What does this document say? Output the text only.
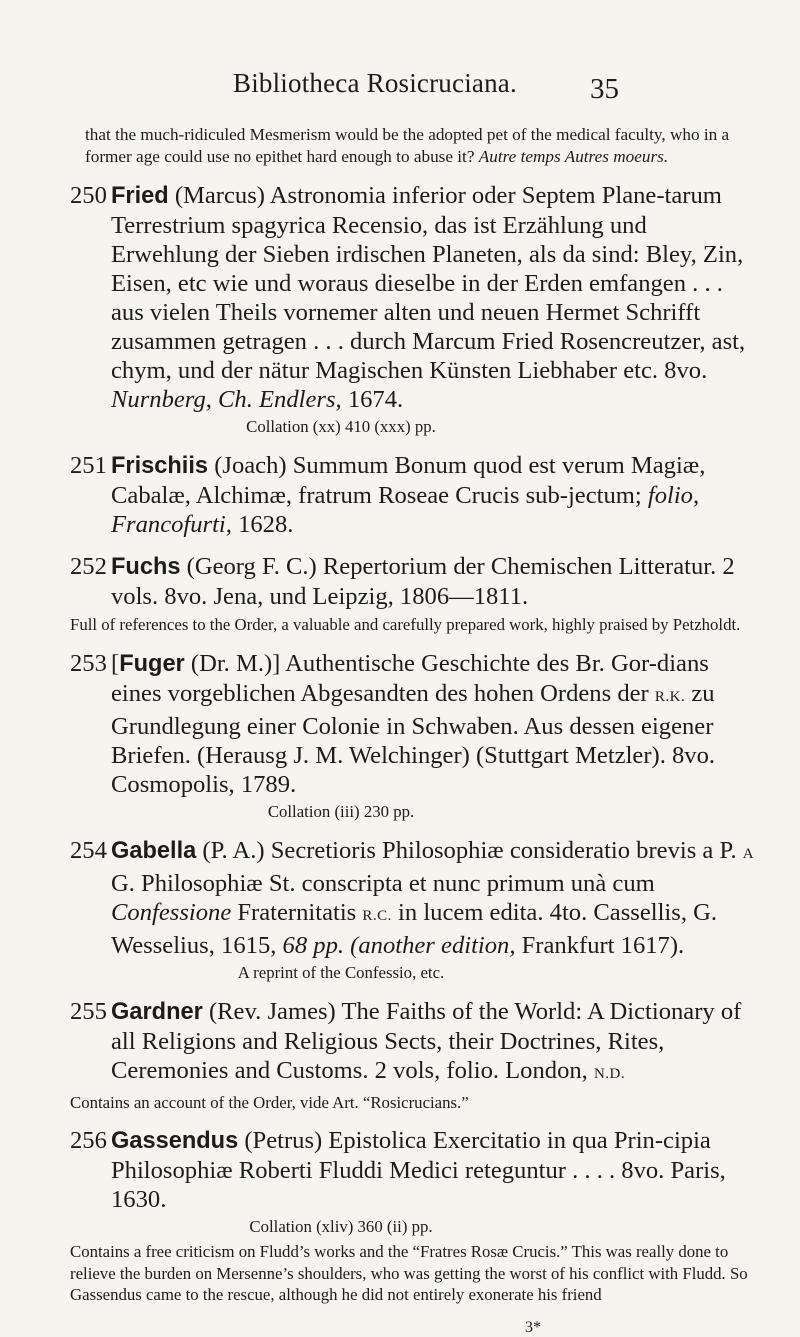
Bibliotheca Rosicruciana.	35

that the much-ridiculed Mesmerism would be the adopted pet of the medical faculty, who in a former age could use no epithet hard enough to abuse it? Autre temps Autres moeurs.

250 Fried (Marcus) Astronomia inferior oder Septem Plane-tarum Terrestrium spagyrica Recensio, das ist Erzählung und Erwehlung der Sieben irdischen Planeten, als da sind: Bley, Zin, Eisen, etc wie und woraus dieselbe in der Erden emfangen . . . aus vielen Theils vornemer alten und neuen Hermet Schrifft zusammen getragen . . . durch Marcum Fried Rosencreutzer, ast, chym, und der nätur Magischen Künsten Liebhaber etc. 8vo. Nurnberg, Ch. Endlers, 1674.
Collation (xx) 410 (xxx) pp.
251 Frischiis (Joach) Summum Bonum quod est verum Magiæ, Cabalæ, Alchimæ, fratrum Roseae Crucis sub-jectum; folio, Francofurti, 1628.
252 Fuchs (Georg F. C.) Repertorium der Chemischen Litteratur. 2 vols. 8vo. Jena, und Leipzig, 1806—1811.
Full of references to the Order, a valuable and carefully prepared work, highly praised by Petzholdt.
253 [Fuger (Dr. M.)] Authentische Geschichte des Br. Gor-dians eines vorgeblichen Abgesandten des hohen Ordens der R.K. zu Grundlegung einer Colonie in Schwaben. Aus dessen eigener Briefen. (Herausg J. M. Welchinger) (Stuttgart Metzler). 8vo. Cosmopolis, 1789.
Collation (iii) 230 pp.
254 Gabella (P. A.) Secretioris Philosophiæ consideratio brevis a P. A G. Philosophiæ St. conscripta et nunc primum unà cum Confessione Fraternitatis R.C. in lucem edita. 4to. Cassellis, G. Wesselius, 1615, 68 pp. (another edition, Frankfurt 1617).
A reprint of the Confessio, etc.
255 Gardner (Rev. James) The Faiths of the World: A Dictionary of all Religions and Religious Sects, their Doctrines, Rites, Ceremonies and Customs. 2 vols, folio. London, N.D.
Contains an account of the Order, vide Art. “Rosicrucians.”
256 Gassendus (Petrus) Epistolica Exercitatio in qua Prin-cipia Philosophiæ Roberti Fluddi Medici reteguntur . . . . 8vo. Paris, 1630.
Collation (xliv) 360 (ii) pp.
Contains a free criticism on Fludd’s works and the “Fratres Rosæ Crucis.” This was really done to relieve the burden on Mersenne’s shoulders, who was getting the worst of his conflict with Fludd. So Gassendus came to the rescue, although he did not entirely exonerate his friend
3*
